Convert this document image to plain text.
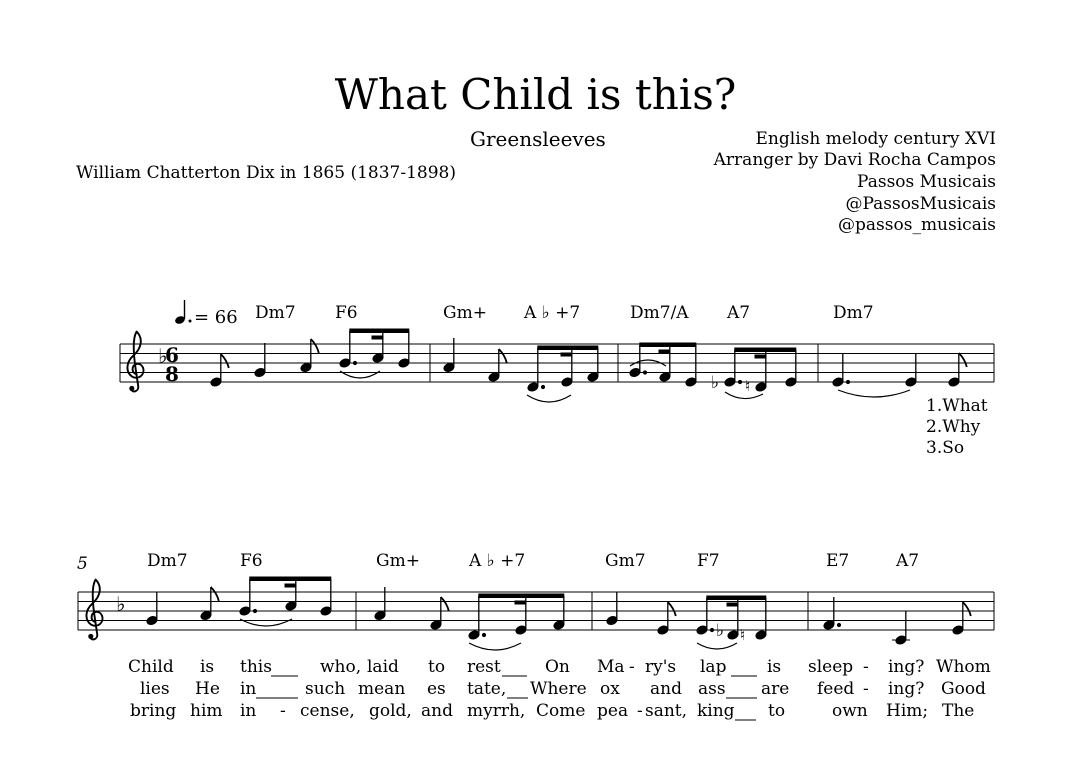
What Child is this?
Greensleeves	English melody century XVI
Arranger by Davi Rocha Campos
Passos Musicais
@PassosMusicais
@passos_musicais
William Chatterton Dix in 1865 (1837-1898)
= 66 Dm7 F6	Gm+ A ♭ +7	Dm7/A A7	Dm7
1.What
2.Why
3.So
5	Dm7	F6	Gm+	A ♭ +7	Gm7	F7	E7	A7
Child is this	who, laid to rest	On Ma - ry's lap is sleep - ing? Whom
lies He in	such mean es tate, Where ox and ass are feed - ing? Good
bring him in - cense, gold, and myrrh, Come pea - sant, king to	own Him; The
♭
6
8	♭ ♮
♭
♭ ♮
